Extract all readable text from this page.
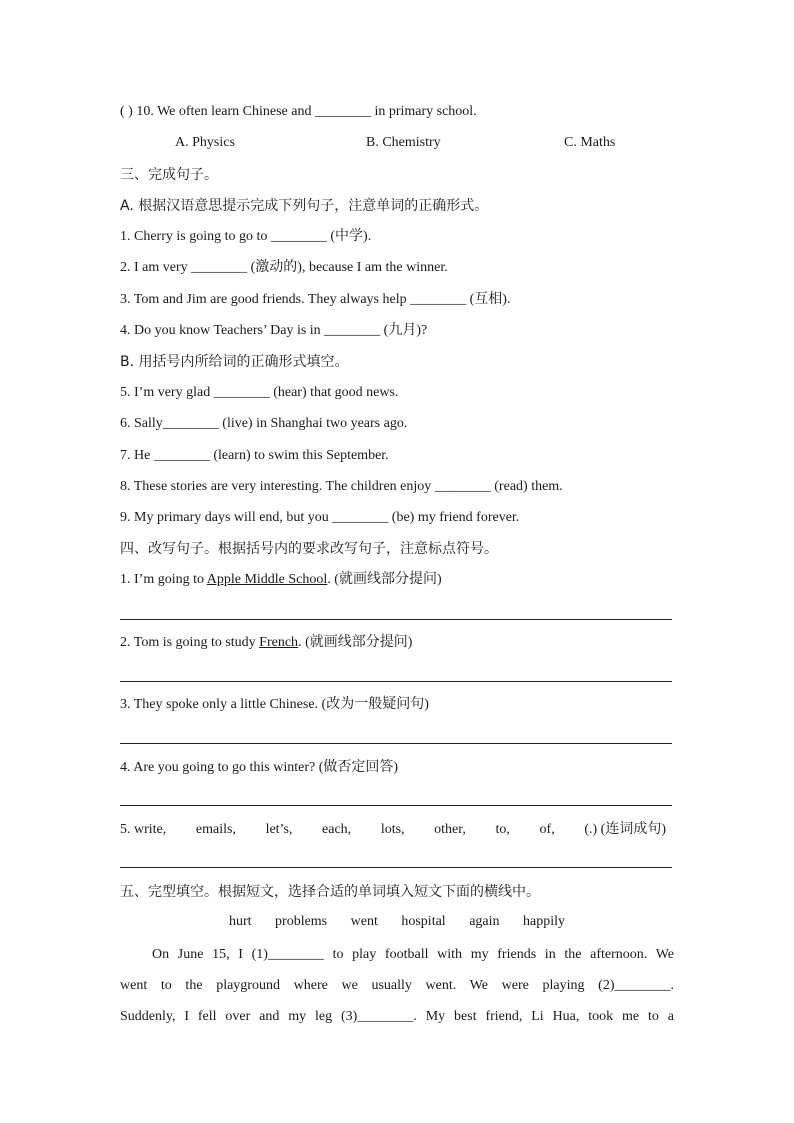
( ) 10. We often learn Chinese and ________ in primary school.
A. Physics	B. Chemistry	C. Maths
三、完成句子。
A. 根据汉语意思提示完成下列句子，注意单词的正确形式。
1. Cherry is going to go to ________ (中学).
2. I am very ________ (激动的), because I am the winner.
3. Tom and Jim are good friends. They always help ________ (互相).
4. Do you know Teachers’ Day is in ________ (九月)?
B. 用括号内所给词的正确形式填空。
5. I’m very glad ________ (hear) that good news.
6. Sally________ (live) in Shanghai two years ago.
7. He ________ (learn) to swim this September.
8. These stories are very interesting. The children enjoy ________ (read) them.
9. My primary days will end, but you ________ (be) my friend forever.
四、改写句子。根据括号内的要求改写句子，注意标点符号。
1. I’m going to Apple Middle School. (就画线部分提问)
2. Tom is going to study French. (就画线部分提问)
3. They spoke only a little Chinese. (改为一般疑问句)
4. Are you going to go this winter? (做否定回答)
5. write, emails, let’s, each, lots, other, to, of, (.) (连词成句)
五、完型填空。根据短文，选择合适的单词填入短文下面的横线中。
hurt problems went hospital again happily
On June 15, I (1)________ to play football with my friends in the afternoon. We
went to the playground where we usually went. We were playing (2)________.
Suddenly, I fell over and my leg (3)________. My best friend, Li Hua, took me to a
